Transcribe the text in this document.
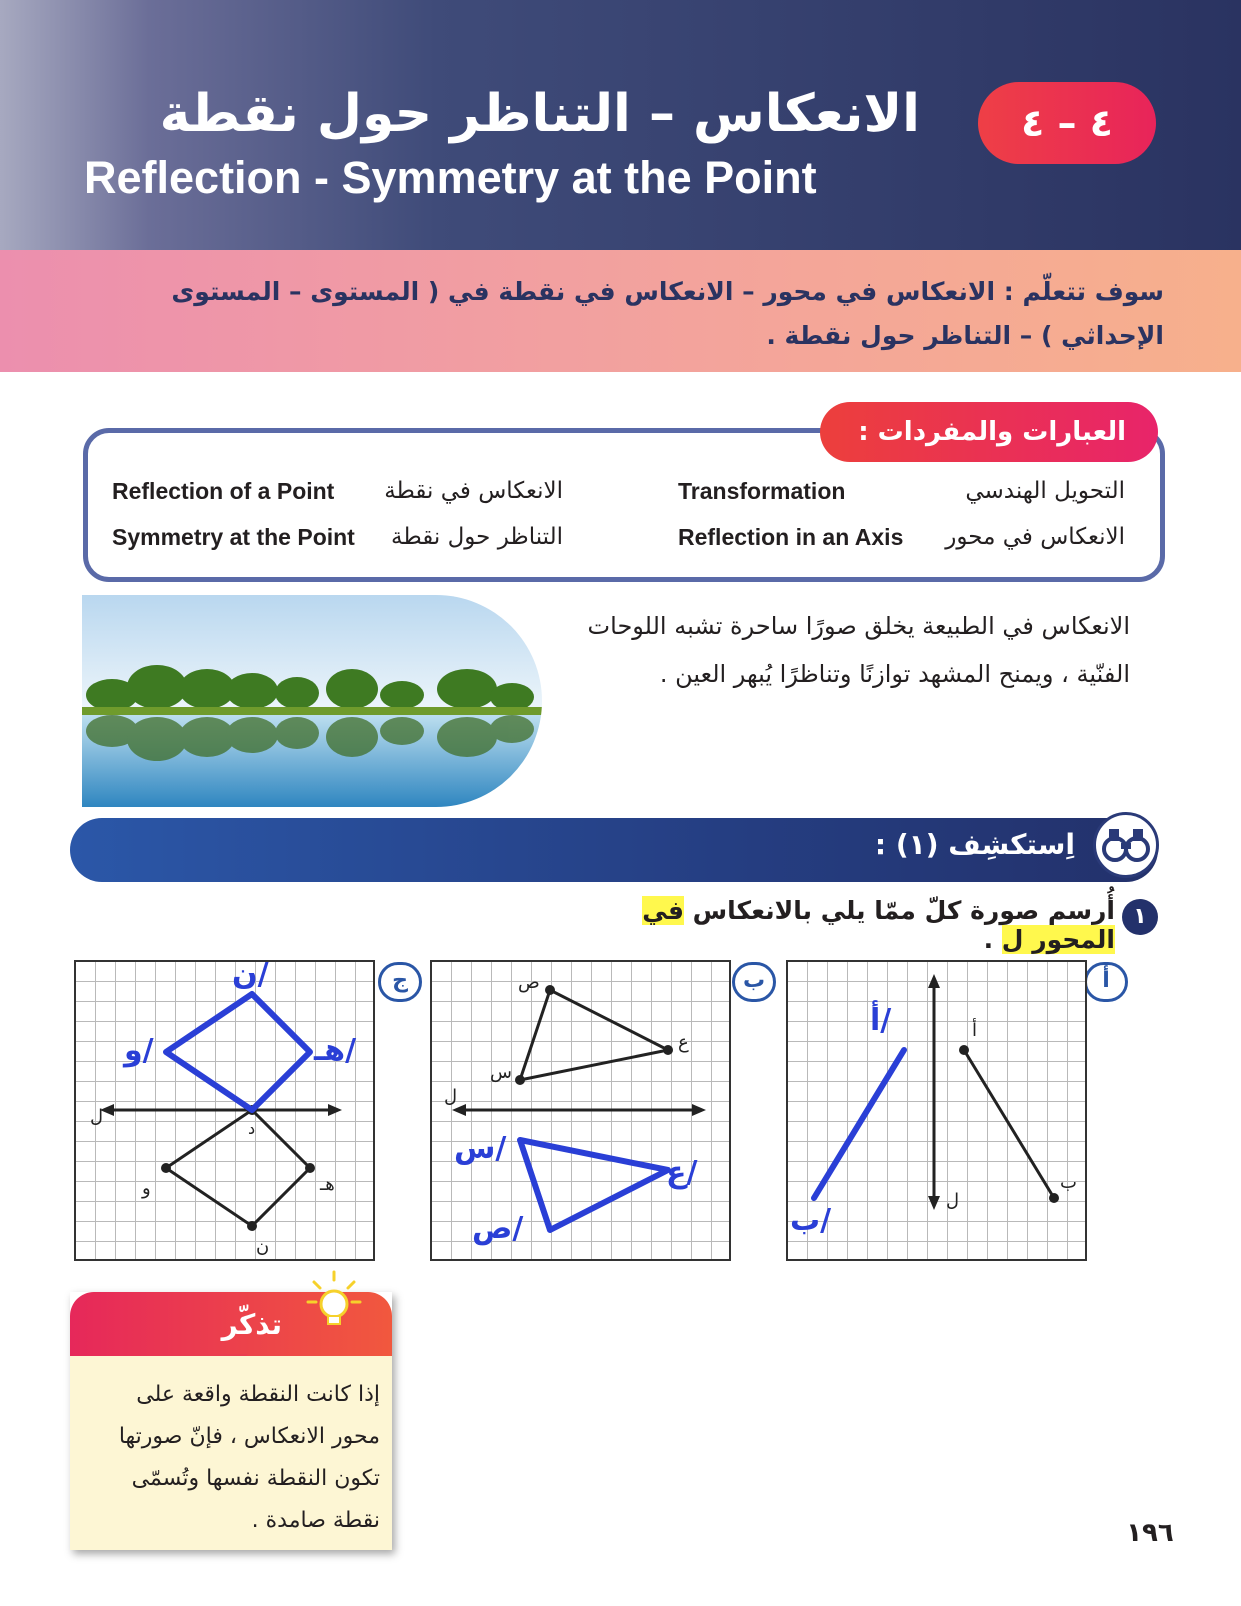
٤ – ٤
الانعكاس – التناظر حول نقطة
Reflection - Symmetry at the Point
سوف تتعلّم : الانعكاس في محور – الانعكاس في نقطة في ( المستوى – المستوى الإحداثي ) – التناظر حول نقطة .
العبارات والمفردات :
التحويل الهندسي
Transformation
الانعكاس في نقطة
Reflection of a Point
الانعكاس في محور
Reflection in an Axis
التناظر حول نقطة
Symmetry at the Point
الانعكاس في الطبيعة يخلق صورًا ساحرة تشبه اللوحات الفنّية ، ويمنح المشهد توازنًا وتناظرًا يُبهر العين .
اِستكشِف (١) :
١
أُرسم صورة كلّ ممّا يلي بالانعكاس في المحور ل .
أ
ب
ج
أ
ب
ل
أ/
ب/
س
ص
ع
ل
س/
ص/
ع/
د
هـ
ن
و
ل
ن/
هـ/
و/
تذكّر
إذا كانت النقطة واقعة على محور الانعكاس ، فإنّ صورتها تكون النقطة نفسها وتُسمّى نقطة صامدة .	١٩٦
